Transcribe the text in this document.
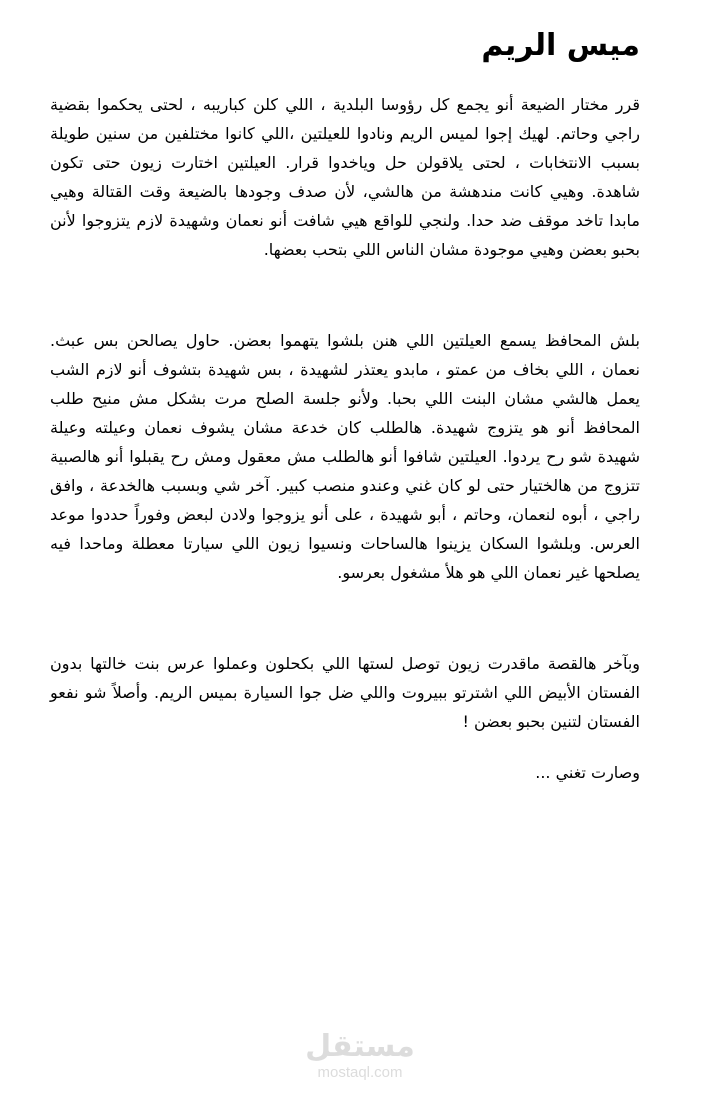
ميس الريم

قرر مختار الضيعة أنو يجمع كل رؤوسا البلدية ، اللي كلن كباريبه ، لحتى يحكموا بقضية راجي وحاتم. لهيك إجوا لميس الريم ونادوا للعيلتين ،اللي كانوا مختلفين من سنين طويلة بسبب الانتخابات ، لحتى يلاقولن حل وياخدوا قرار. العيلتين اختارت زيون حتى تكون شاهدة. وهيي كانت مندهشة من هالشي، لأن صدف وجودها بالضيعة وقت القتالة وهيي مابدا تاخد موقف ضد حدا. ولنجي للواقع هيي شافت أنو نعمان وشهيدة لازم يتزوجوا لأنن بحبو بعضن وهيي موجودة مشان الناس اللي بتحب بعضها.

بلش المحافظ يسمع العيلتين اللي هنن بلشوا يتهموا بعضن. حاول يصالحن بس عبث. نعمان ، اللي بخاف من عمتو ، مابدو يعتذر لشهيدة ، بس شهيدة بتشوف أنو لازم الشب يعمل هالشي مشان البنت اللي بحبا. ولأنو جلسة الصلح مرت بشكل مش منيح طلب المحافظ أنو هو يتزوج شهيدة. هالطلب كان خدعة مشان يشوف نعمان وعيلته وعيلة شهيدة شو رح يردوا. العيلتين شافوا أنو هالطلب مش معقول ومش رح يقبلوا أنو هالصبية تتزوج من هالختيار حتى لو كان غني وعندو منصب كبير. آخر شي وبسبب هالخدعة ، وافق راجي ، أبوه لنعمان، وحاتم ، أبو شهيدة ، على أنو يزوجوا ولادن لبعض وفوراً حددوا موعد العرس. وبلشوا السكان يزينوا هالساحات ونسيوا زيون اللي سيارتا معطلة وماحدا فيه يصلحها غير نعمان اللي هو هلأ مشغول بعرسو.

وبآخر هالقصة ماقدرت زيون توصل لستها اللي بكحلون وعملوا عرس بنت خالتها بدون الفستان الأبيض اللي اشترتو ببيروت واللي ضل جوا السيارة بميس الريم. وأصلاً شو نفعو الفستان لتنين بحبو بعضن !

وصارت تغني ...

مستقل
mostaql.com
